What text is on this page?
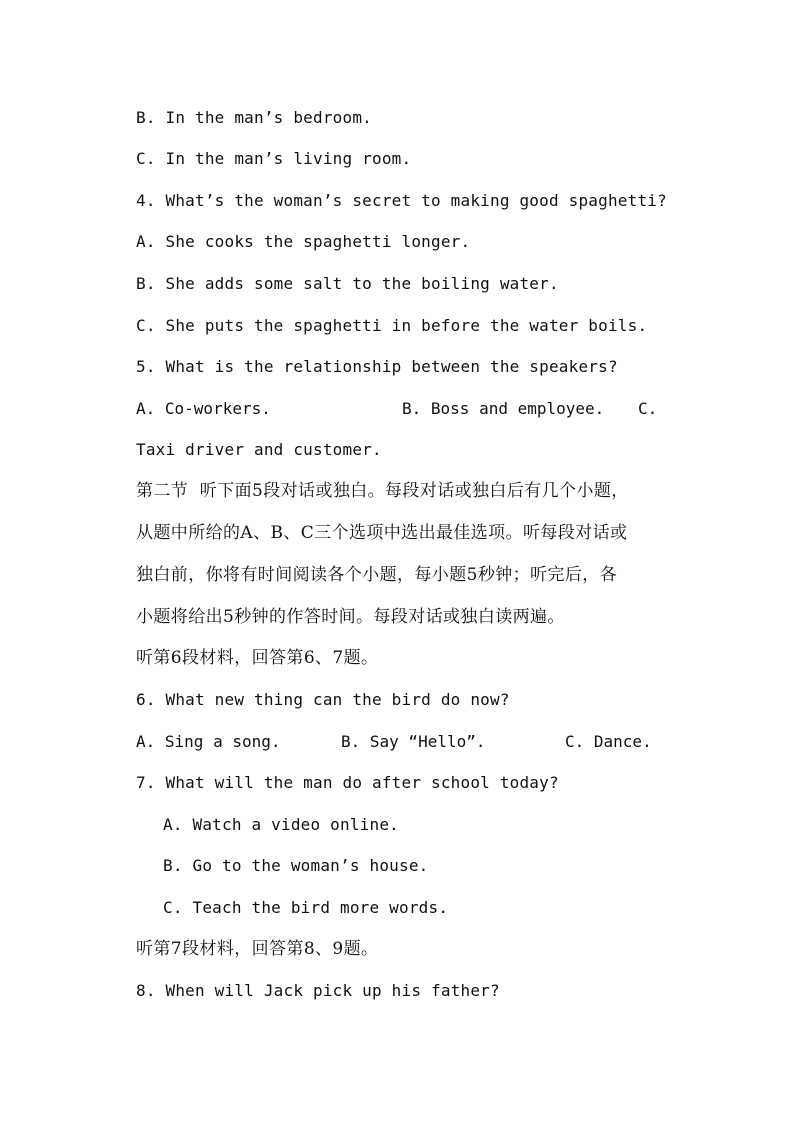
B. In the man’s bedroom.
C. In the man’s living room.
4. What’s the woman’s secret to making good spaghetti?
A. She cooks the spaghetti longer.
B. She adds some salt to the boiling water.
C. She puts the spaghetti in before the water boils.
5. What is the relationship between the speakers?

A. Co-workers.

	B. Boss and employee.

C.

Taxi driver and customer.
第二节  听下面5段对话或独白。每段对话或独白后有几个小题，
从题中所给的A、B、C三个选项中选出最佳选项。听每段对话或
独白前，你将有时间阅读各个小题，每小题5秒钟；听完后，各
小题将给出5秒钟的作答时间。每段对话或独白读两遍。
听第6段材料，回答第6、7题。
6. What new thing can the bird do now?

A. Sing a song.

	B. Say “Hello”.

	C. Dance.

7. What will the man do after school today?
A. Watch a video online.
B. Go to the woman’s house.
C. Teach the bird more words.
听第7段材料，回答第8、9题。
8. When will Jack pick up his father?
